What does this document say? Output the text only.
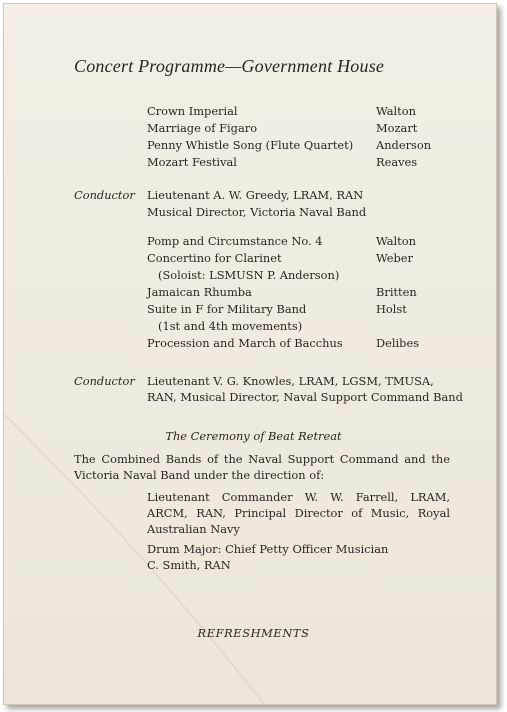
Concert Programme—Government House
Crown Imperial	Walton
Marriage of Figaro	Mozart
Penny Whistle Song (Flute Quartet) Anderson
Mozart Festival	Reaves
Conductor Lieutenant A. W. Greedy, LRAM, RAN
Musical Director, Victoria Naval Band
Pomp and Circumstance No. 4	Walton
Concertino for Clarinet	Weber
(Soloist: LSMUSN P. Anderson)
Jamaican Rhumba	Britten
Suite in F for Military Band	Holst
(1st and 4th movements)
Procession and March of Bacchus	Delibes
Conductor Lieutenant V. G. Knowles, LRAM, LGSM, TMUSA,
RAN, Musical Director, Naval Support Command Band
The Ceremony of Beat Retreat
The Combined Bands of the Naval Support Command and the Victoria Naval Band under the direction of:
Lieutenant Commander W. W. Farrell, LRAM, ARCM, RAN, Principal Director of Music, Royal Australian Navy
Drum Major: Chief Petty Officer Musician
C. Smith, RAN
REFRESHMENTS
